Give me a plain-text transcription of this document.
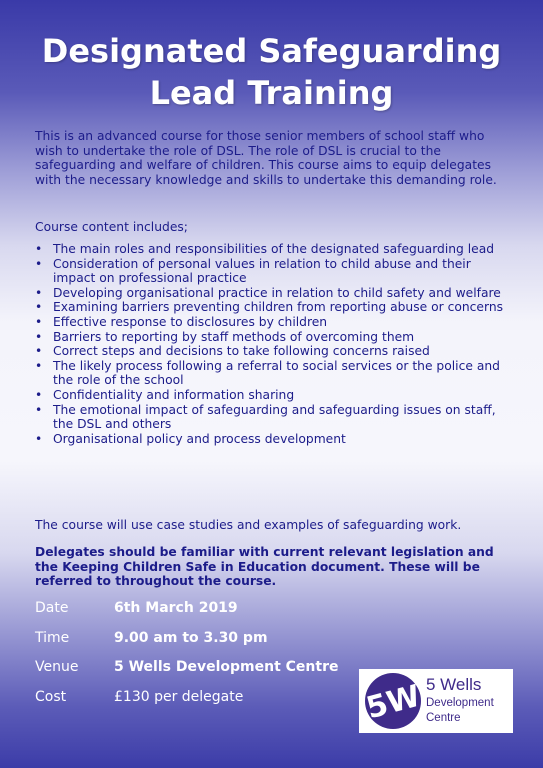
Designated Safeguarding
Lead Training
This is an advanced course for those senior members of school staff who wish to undertake the role of DSL. The role of DSL is crucial to the safeguarding and welfare of children. This course aims to equip delegates with the necessary knowledge and skills to undertake this demanding role.
Course content includes;
• The main roles and responsibilities of the designated safeguarding lead
• Consideration of personal values in relation to child abuse and their impact on professional practice
• Developing organisational practice in relation to child safety and welfare
• Examining barriers preventing children from reporting abuse or concerns
• Effective response to disclosures by children
• Barriers to reporting by staff methods of overcoming them
• Correct steps and decisions to take following concerns raised
• The likely process following a referral to social services or the police and the role of the school
• Confidentiality and information sharing
• The emotional impact of safeguarding and safeguarding issues on staff, the DSL and others
• Organisational policy and process development
The course will use case studies and examples of safeguarding work.
Delegates should be familiar with current relevant legislation and the Keeping Children Safe in Education document. These will be referred to throughout the course.
Date	6th March 2019
Time	9.00 am to 3.30 pm
Venue	5 Wells Development Centre
Cost	£130 per delegate	5W 5 Wells
Development
Centre
